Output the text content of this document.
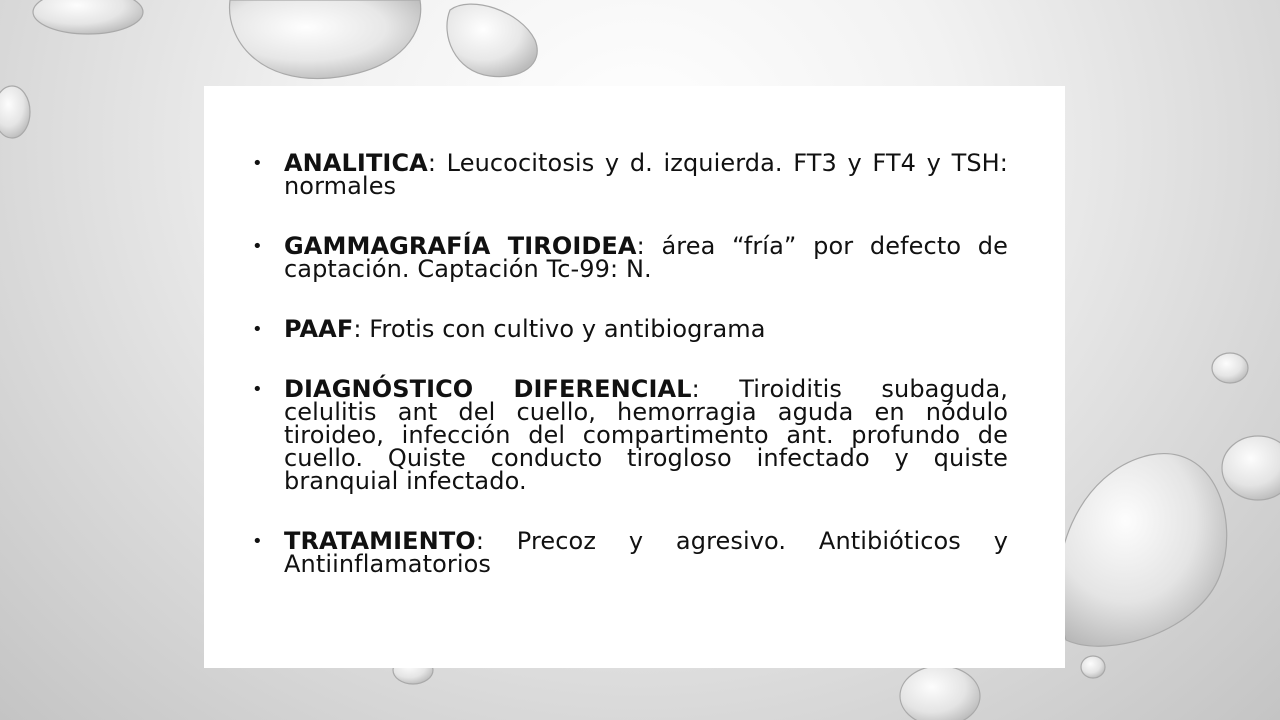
• ANALITICA: Leucocitosis y d. izquierda. FT3 y FT4 y TSH: normales
• GAMMAGRAFÍA TIROIDEA: área “fría” por defecto de captación. Captación Tc-99: N.
• PAAF: Frotis con cultivo y antibiograma
• DIAGNÓSTICO DIFERENCIAL: Tiroiditis subaguda, celulitis ant del cuello, hemorragia aguda en nódulo tiroideo, infección del compartimento ant. profundo de cuello. Quiste conducto tirogloso infectado y quiste branquial infectado.
• TRATAMIENTO: Precoz y agresivo. Antibióticos y Antiinflamatorios
